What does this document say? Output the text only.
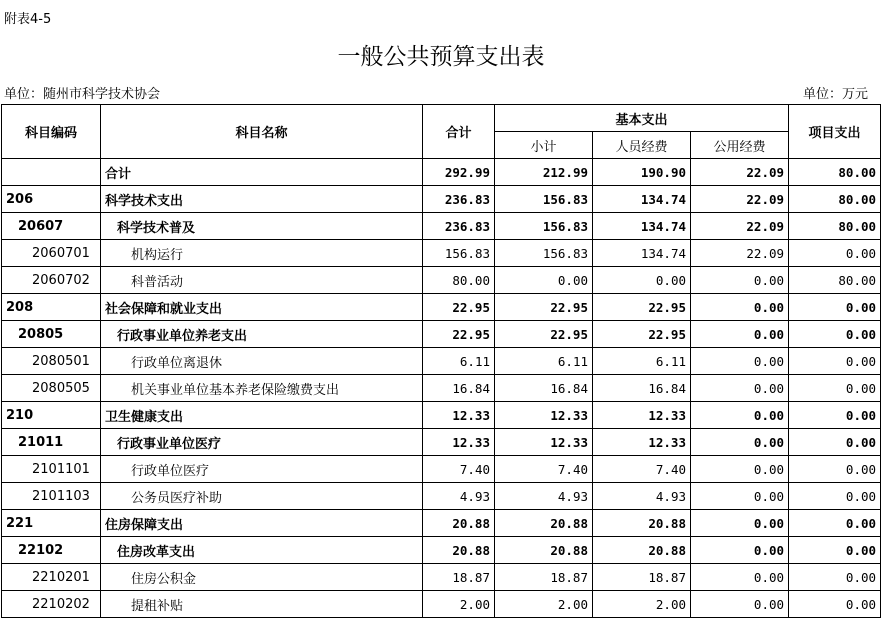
附表4-5
一般公共预算支出表
单位：随州市科学技术协会	单位：万元
科目编码	科目名称	合计	基本支出			项目支出
			小计	人员经费	公用经费	
	合计	292.99	212.99	190.90	22.09	80.00
206	科学技术支出	236.83	156.83	134.74	22.09	80.00
20607	科学技术普及	236.83	156.83	134.74	22.09	80.00
2060701	机构运行	156.83	156.83	134.74	22.09	0.00
2060702	科普活动	80.00	0.00	0.00	0.00	80.00
208	社会保障和就业支出	22.95	22.95	22.95	0.00	0.00
20805	行政事业单位养老支出	22.95	22.95	22.95	0.00	0.00
2080501	行政单位离退休	6.11	6.11	6.11	0.00	0.00
2080505	机关事业单位基本养老保险缴费支出	16.84	16.84	16.84	0.00	0.00
210	卫生健康支出	12.33	12.33	12.33	0.00	0.00
21011	行政事业单位医疗	12.33	12.33	12.33	0.00	0.00
2101101	行政单位医疗	7.40	7.40	7.40	0.00	0.00
2101103	公务员医疗补助	4.93	4.93	4.93	0.00	0.00
221	住房保障支出	20.88	20.88	20.88	0.00	0.00
22102	住房改革支出	20.88	20.88	20.88	0.00	0.00
2210201	住房公积金	18.87	18.87	18.87	0.00	0.00
2210202	提租补贴	2.00	2.00	2.00	0.00	0.00
